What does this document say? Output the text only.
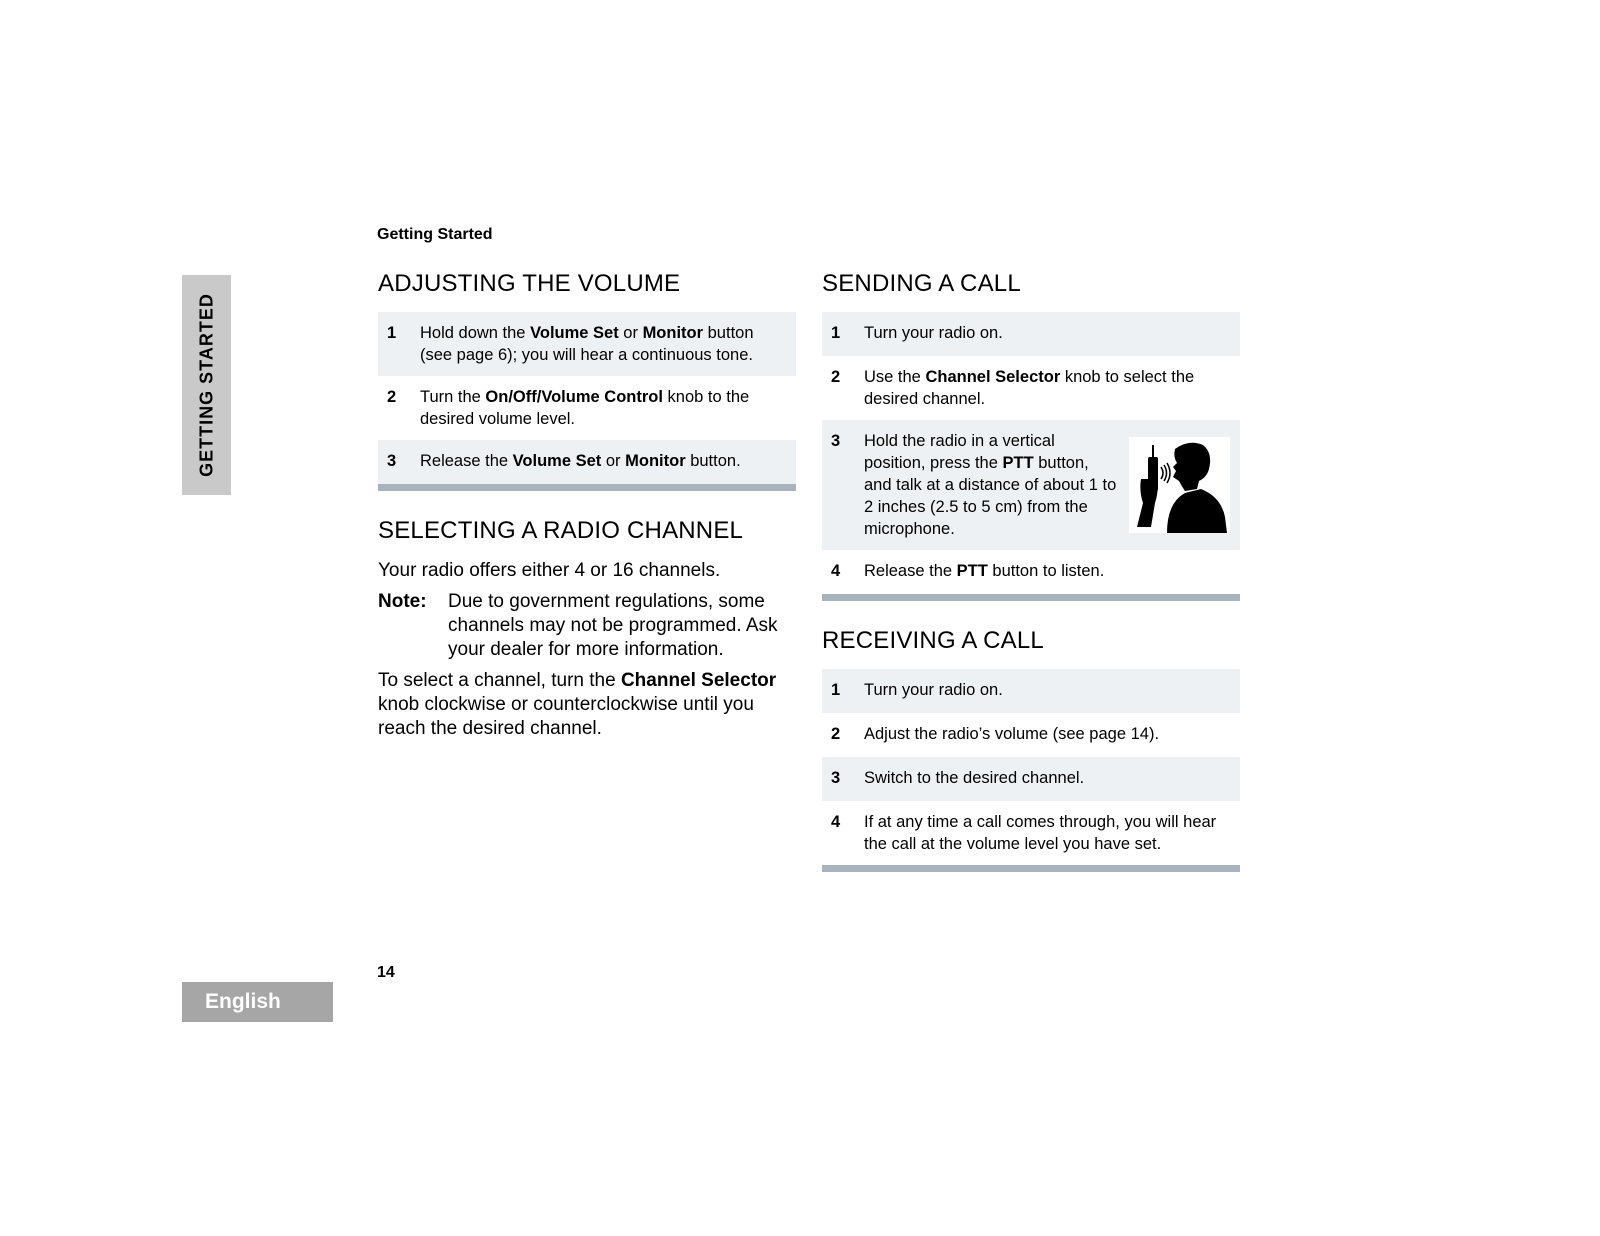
GETTING STARTED
Getting Started
ADJUSTING THE VOLUME
1 Hold down the Volume Set or Monitor button (see page 6); you will hear a continuous tone.
2 Turn the On/Off/Volume Control knob to the desired volume level.
3 Release the Volume Set or Monitor button.
SELECTING A RADIO CHANNEL

Your radio offers either 4 or 16 channels.

Note:	Due to government regulations, some channels may not be programmed. Ask your dealer for more information.

To select a channel, turn the Channel Selector knob clockwise or counterclockwise until you reach the desired channel.

SENDING A CALL
1 Turn your radio on.
2 Use the Channel Selector knob to select the desired channel.
3 Hold the radio in a vertical position, press the PTT button, and talk at a distance of about 1 to 2 inches (2.5 to 5 cm) from the microphone.
4 Release the PTT button to listen.
RECEIVING A CALL
1 Turn your radio on.
2 Adjust the radio’s volume (see page 14).
3 Switch to the desired channel.
4 If at any time a call comes through, you will hear the call at the volume level you have set.
14
English
